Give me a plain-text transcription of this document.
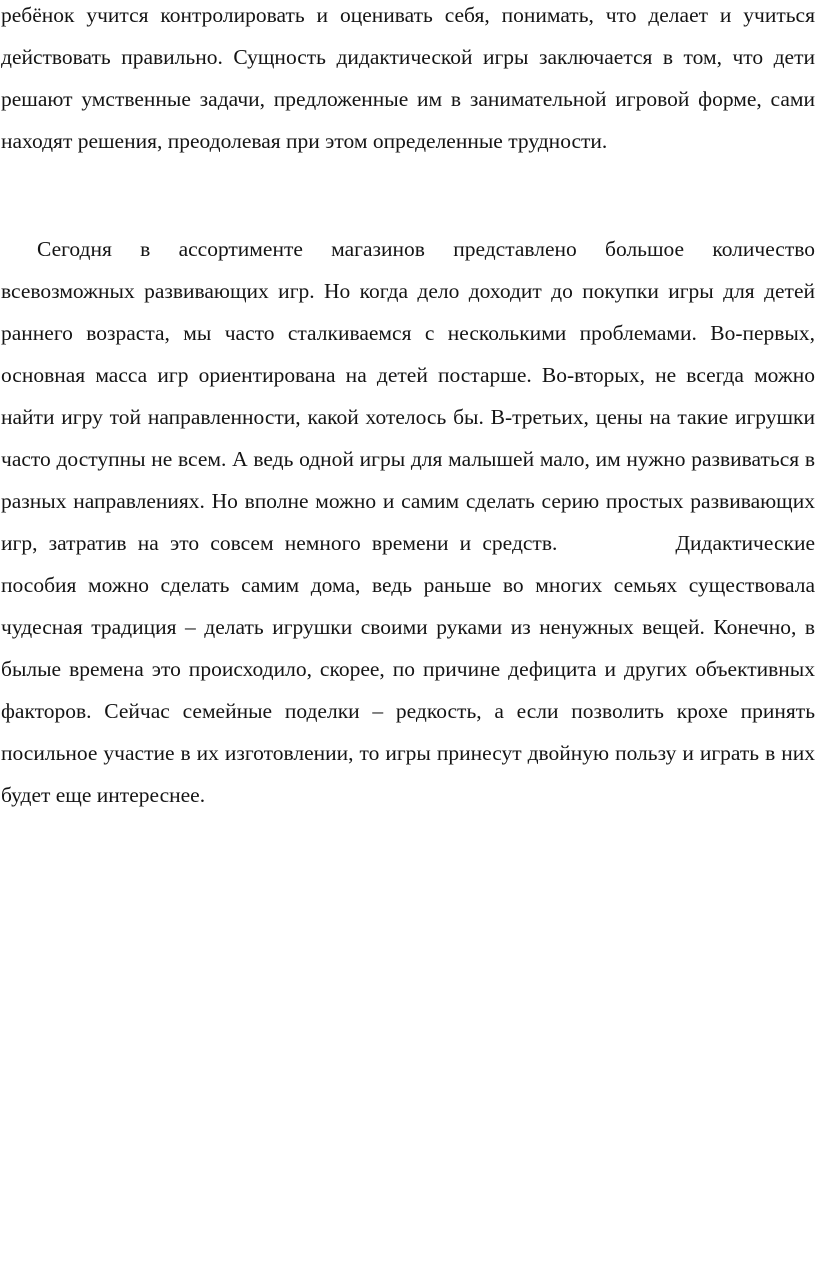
ребёнок учится контролировать и оценивать себя, понимать, что делает и учиться действовать правильно. Сущность дидактической игры заключается в том, что дети решают умственные задачи, предложенные им в занимательной игровой форме, сами находят решения, преодолевая при этом определенные трудности.

Сегодня в ассортименте магазинов представлено большое количество всевозможных развивающих игр. Но когда дело доходит до покупки игры для детей раннего возраста, мы часто сталкиваемся с несколькими проблемами. Во-первых, основная масса игр ориентирована на детей постарше. Во-вторых, не всегда можно найти игру той направленности, какой хотелось бы. В-третьих, цены на такие игрушки часто доступны не всем. А ведь одной игры для малышей мало, им нужно развиваться в разных направлениях. Но вполне можно и самим сделать серию простых развивающих игр, затратив на это совсем немного времени и средств.	Дидактические пособия можно сделать самим дома, ведь раньше во многих семьях существовала чудесная традиция – делать игрушки своими руками из ненужных вещей. Конечно, в былые времена это происходило, скорее, по причине дефицита и других объективных факторов. Сейчас семейные поделки – редкость, а если позволить крохе принять посильное участие в их изготовлении, то игры принесут двойную пользу и играть в них будет еще интереснее.
